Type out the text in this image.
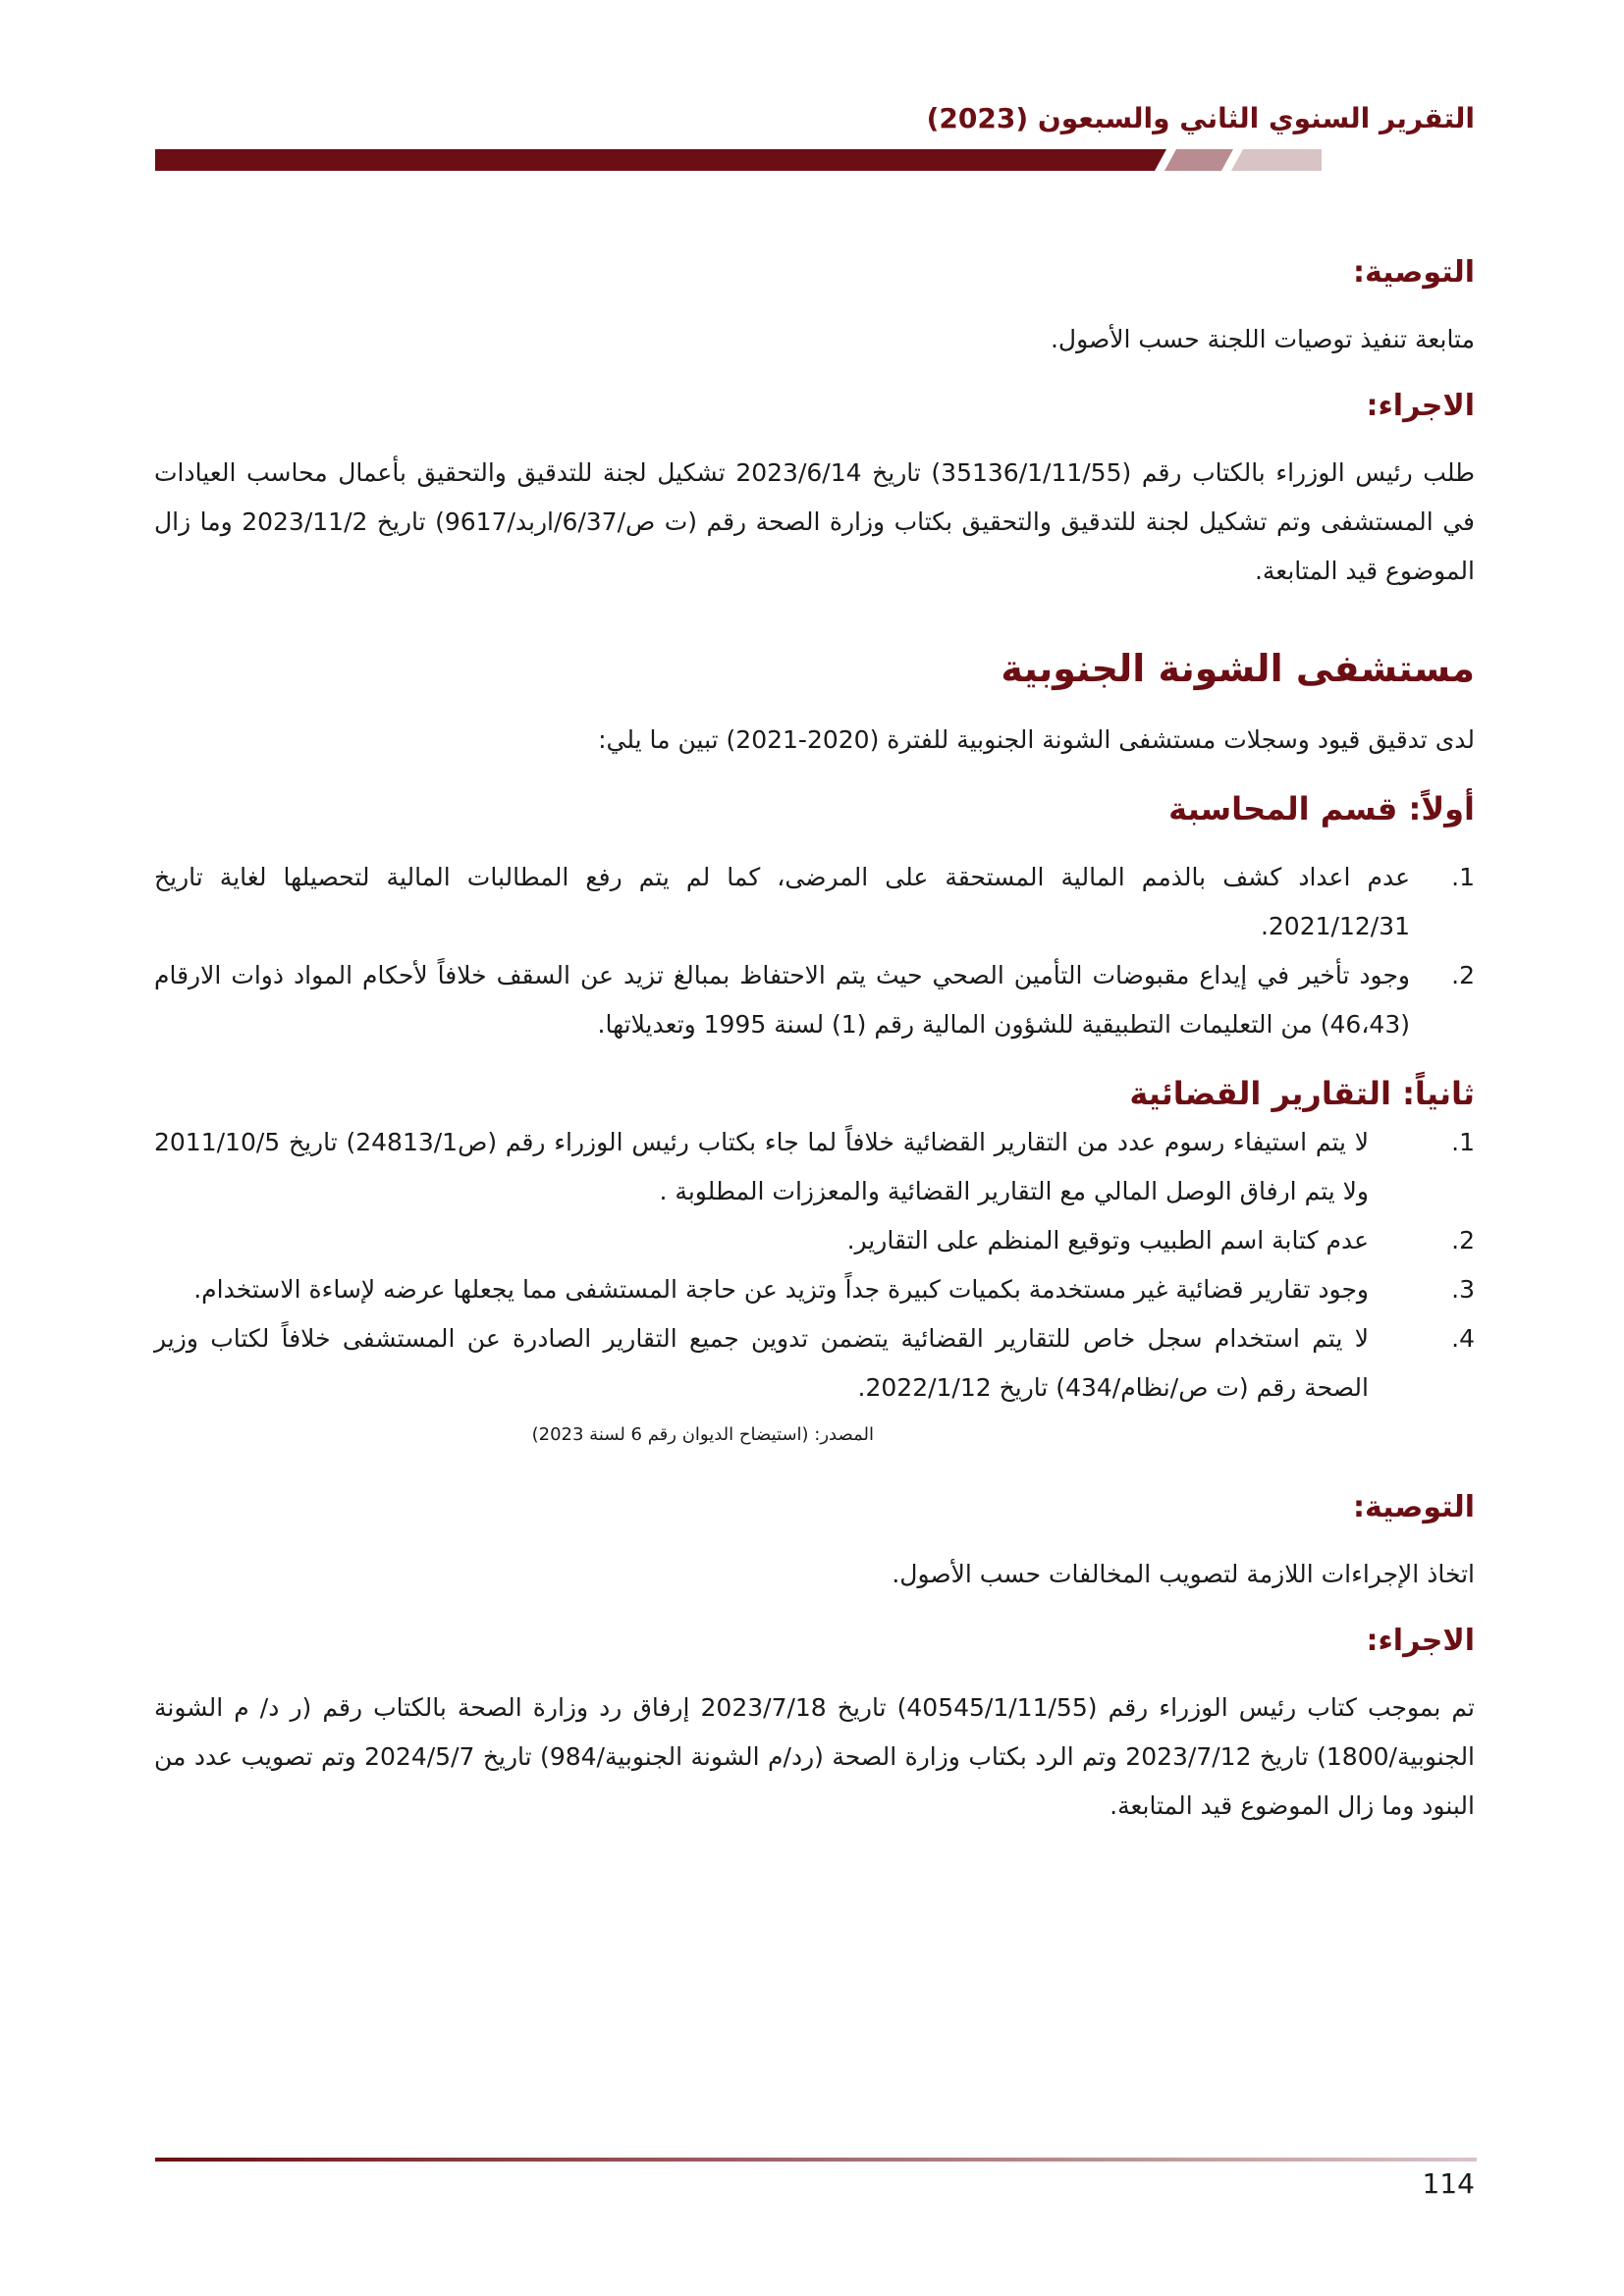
التقرير السنوي الثاني والسبعون (2023)
التوصية:

متابعة تنفيذ توصيات اللجنة حسب الأصول.

الاجراء:

طلب رئيس الوزراء بالكتاب رقم (35136/1/11/55) تاريخ 2023/6/14 تشكيل لجنة للتدقيق والتحقيق بأعمال محاسب العيادات في المستشفى وتم تشكيل لجنة للتدقيق والتحقيق بكتاب وزارة الصحة رقم (ت ص/6/37/اربد/9617) تاريخ 2023/11/2 وما زال الموضوع قيد المتابعة.

مستشفى الشونة الجنوبية

لدى تدقيق قيود وسجلات مستشفى الشونة الجنوبية للفترة (2020-2021) تبين ما يلي:

أولاً: قسم المحاسبة
1.
عدم اعداد كشف بالذمم المالية المستحقة على المرضى، كما لم يتم رفع المطالبات المالية لتحصيلها لغاية تاريخ 2021/12/31.
2.
وجود تأخير في إيداع مقبوضات التأمين الصحي حيث يتم الاحتفاظ بمبالغ تزيد عن السقف خلافاً لأحكام المواد ذوات الارقام (46،43) من التعليمات التطبيقية للشؤون المالية رقم (1) لسنة 1995 وتعديلاتها.
ثانياً: التقارير القضائية
1.
لا يتم استيفاء رسوم عدد من التقارير القضائية خلافاً لما جاء بكتاب رئيس الوزراء رقم (ص24813/1) تاريخ 2011/10/5 ولا يتم ارفاق الوصل المالي مع التقارير القضائية والمعززات المطلوبة .
2.
عدم كتابة اسم الطبيب وتوقيع المنظم على التقارير.
3.
وجود تقارير قضائية غير مستخدمة بكميات كبيرة جداً وتزيد عن حاجة المستشفى مما يجعلها عرضه لإساءة الاستخدام.
4.
لا يتم استخدام سجل خاص للتقارير القضائية يتضمن تدوين جميع التقارير الصادرة عن المستشفى خلافاً لكتاب وزير الصحة رقم (ت ص/نظام/434) تاريخ 2022/1/12.
المصدر: (استيضاح الديوان رقم 6 لسنة 2023)
التوصية:

اتخاذ الإجراءات اللازمة لتصويب المخالفات حسب الأصول.

الاجراء:

تم بموجب كتاب رئيس الوزراء رقم (40545/1/11/55) تاريخ 2023/7/18 إرفاق رد وزارة الصحة بالكتاب رقم (ر د/ م الشونة الجنوبية/1800) تاريخ 2023/7/12 وتم الرد بكتاب وزارة الصحة (رد/م الشونة الجنوبية/984) تاريخ 2024/5/7 وتم تصويب عدد من البنود وما زال الموضوع قيد المتابعة.

114
